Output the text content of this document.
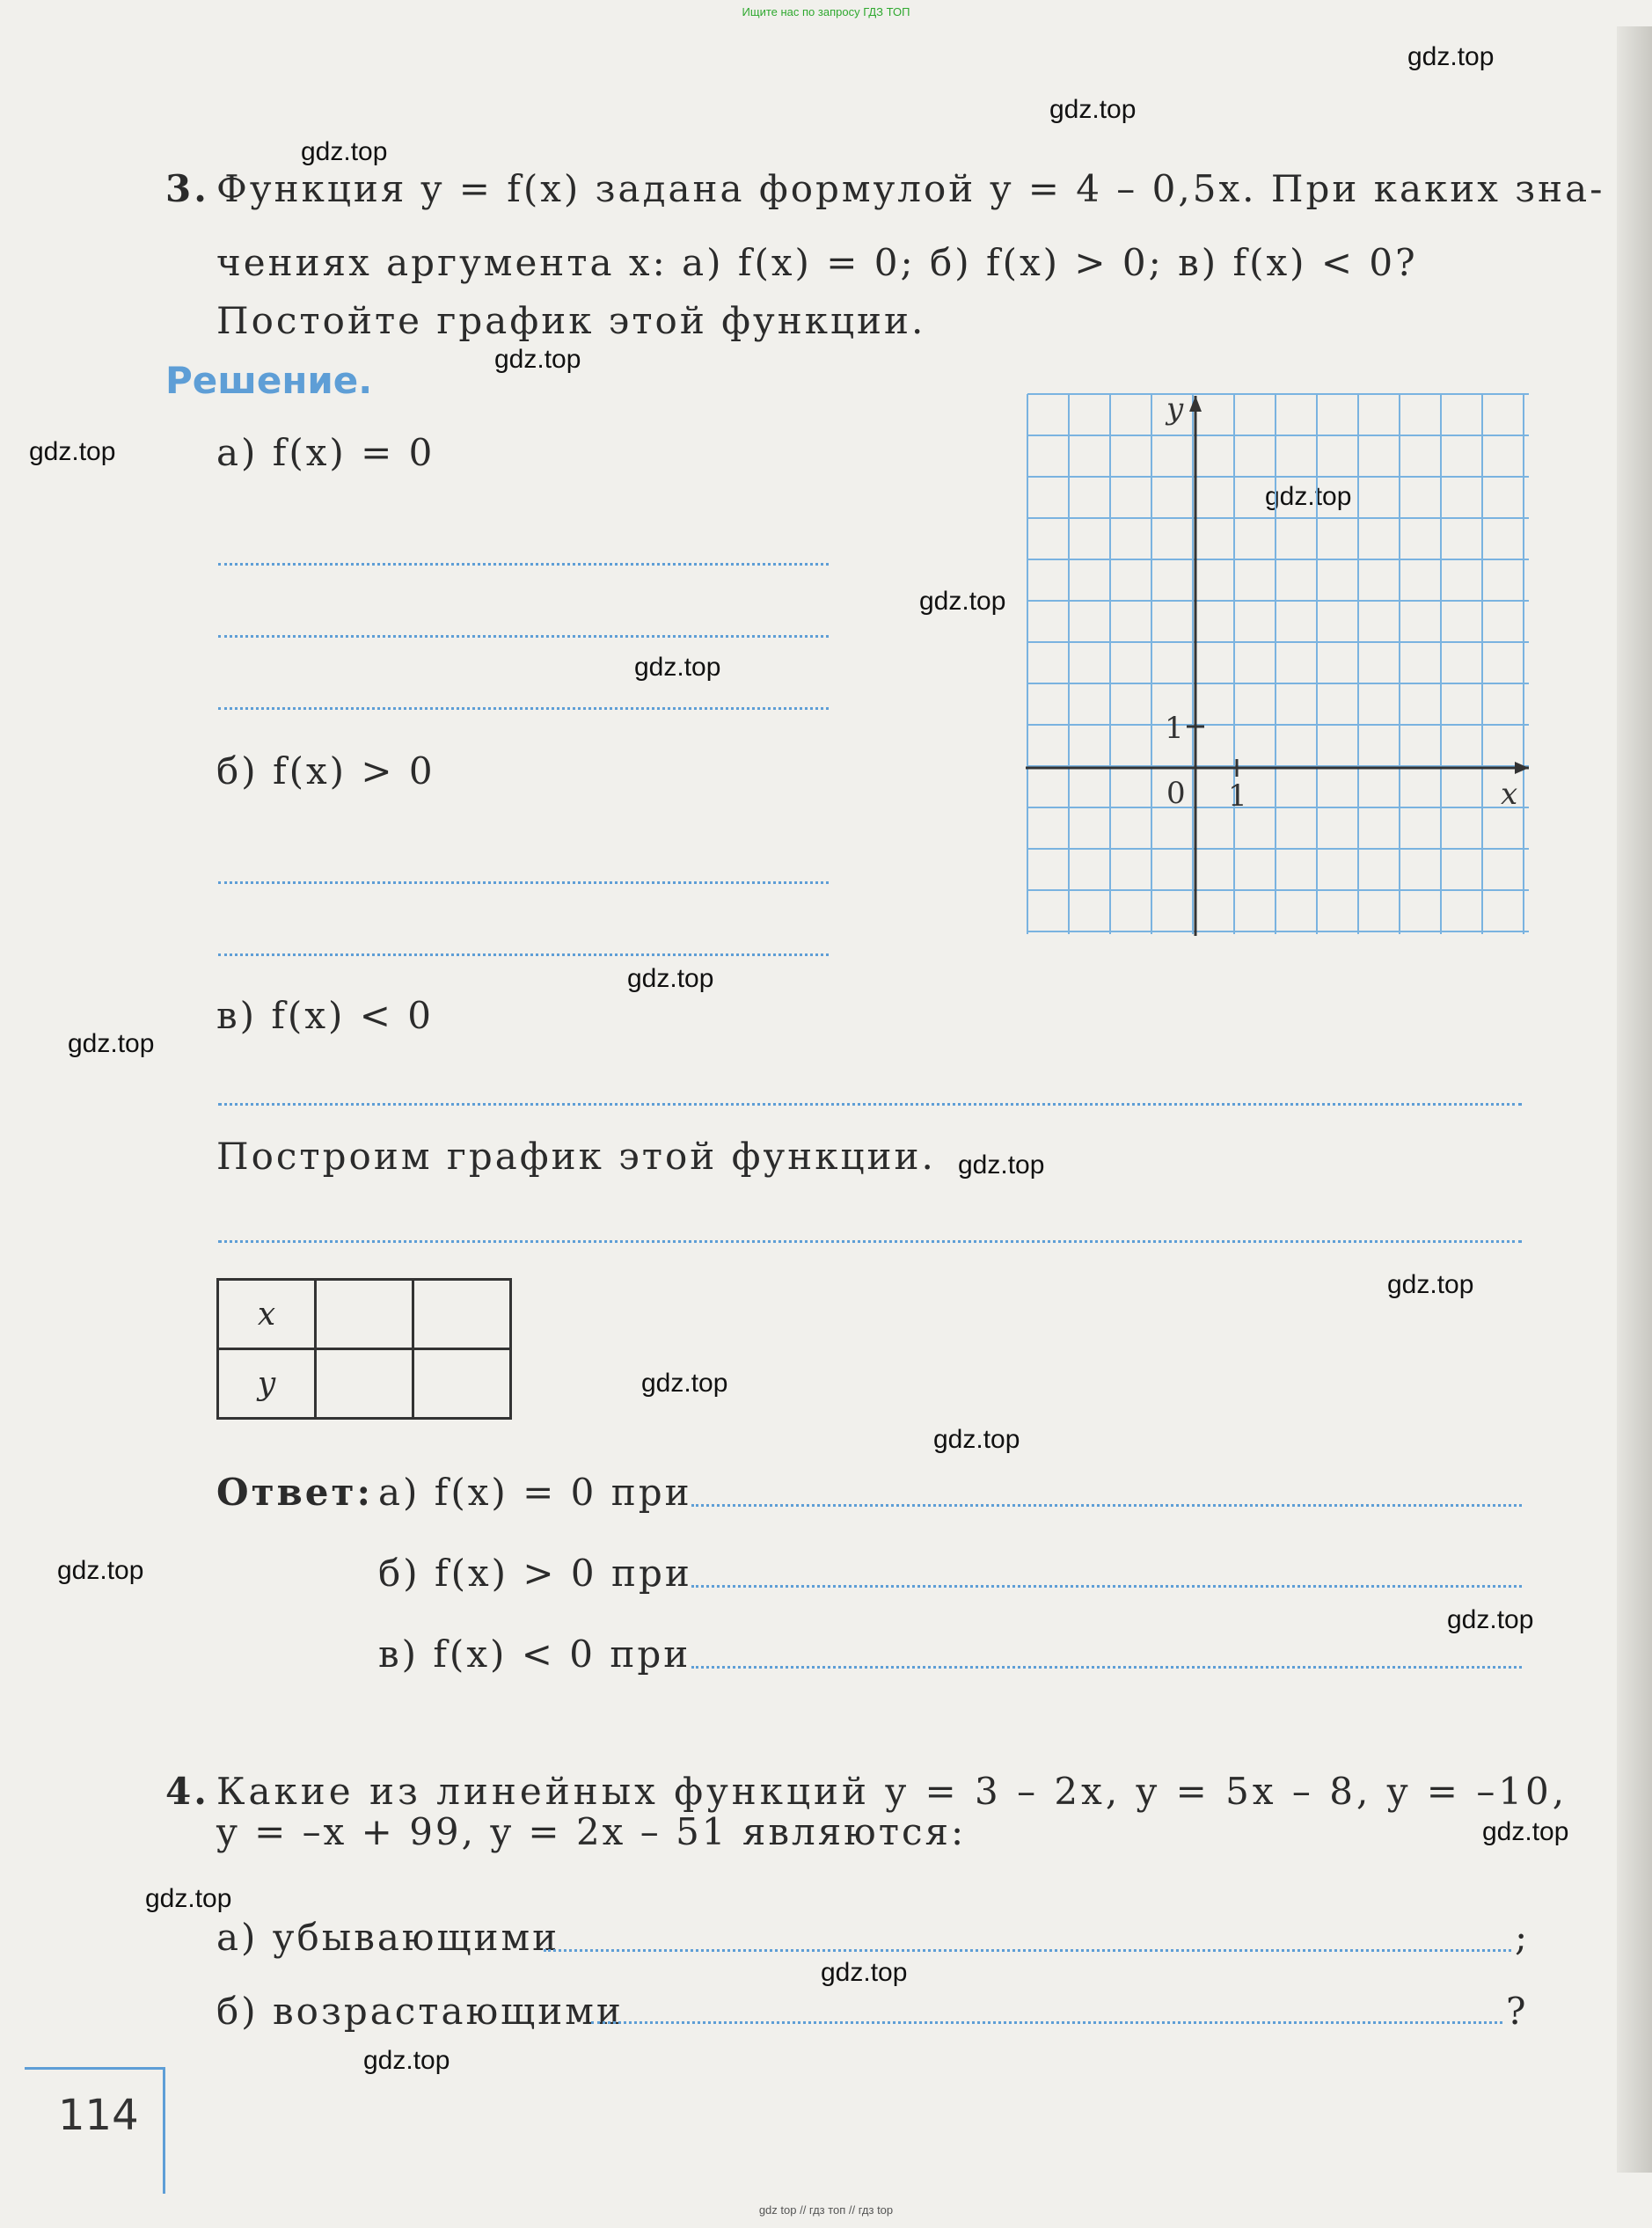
Ищите нас по запросу ГДЗ ТОП
gdz.top
gdz.top
gdz.top
gdz.top
gdz.top
gdz.top
gdz.top
gdz.top
gdz.top
gdz.top
gdz.top
gdz.top
gdz.top
gdz.top
gdz.top
gdz.top
gdz.top
gdz.top
gdz.top
gdz.top
3. Функция y = f(x) задана формулой y = 4 – 0,5x. При каких зна-
чениях аргумента x: а) f(x) = 0; б) f(x) > 0; в) f(x) < 0?
Постойте график этой функции.
Решение.
а) f(x) = 0
б) f(x) > 0
в) f(x) < 0
Построим график этой функции.
y
x
1
1
0
x		
y		
Ответ: а) f(x) = 0 при
б) f(x) > 0 при
в) f(x) < 0 при
4. Какие из линейных функций y = 3 – 2x, y = 5x – 8, y = –10,
y = –x + 99, y = 2x – 51 являются:
а) убывающими	;
б) возрастающими	?
114
gdz top // гдз топ // гдз top
